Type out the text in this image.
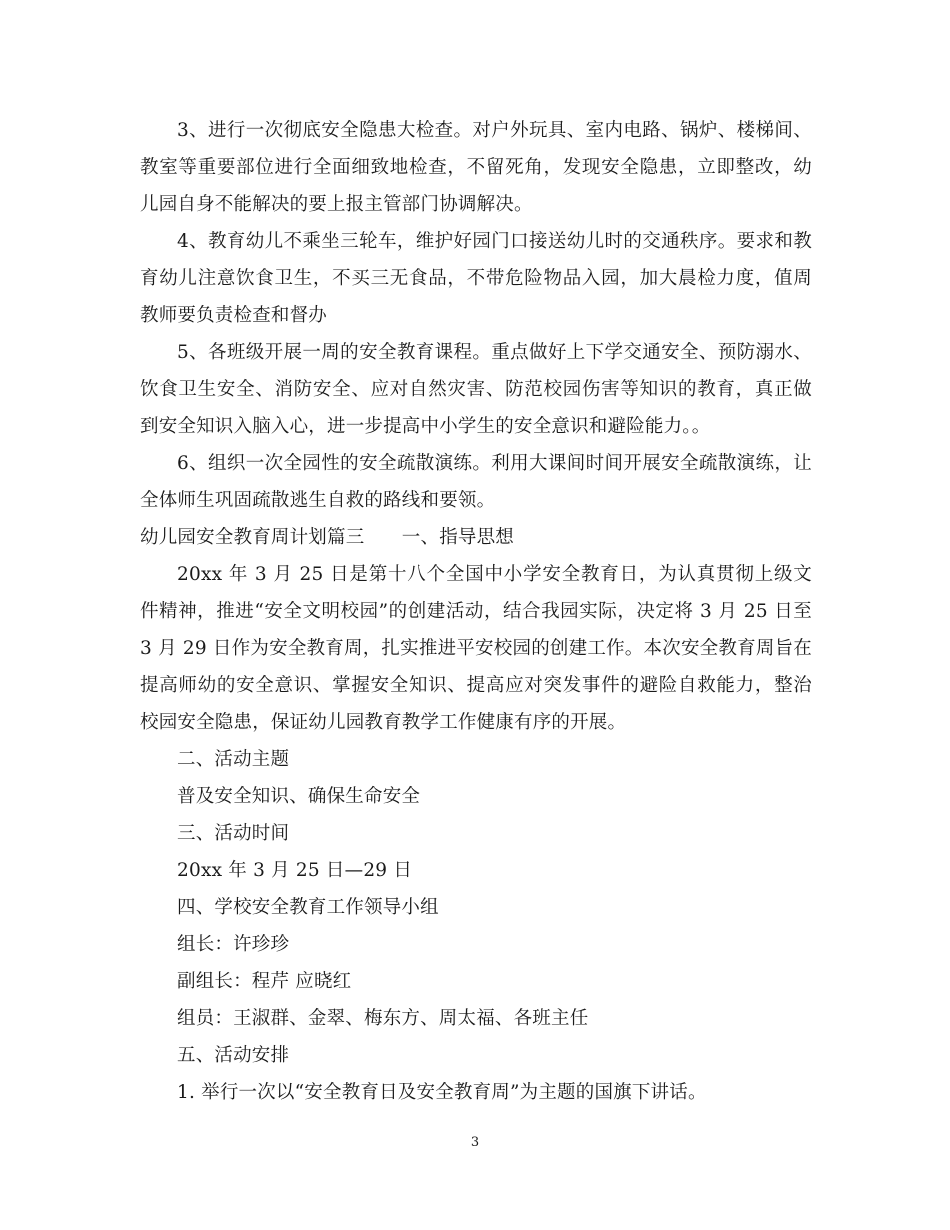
3、进行一次彻底安全隐患大检查。对户外玩具、室内电路、锅炉、楼梯间、教室等重要部位进行全面细致地检查，不留死角，发现安全隐患，立即整改，幼儿园自身不能解决的要上报主管部门协调解决。

4、教育幼儿不乘坐三轮车，维护好园门口接送幼儿时的交通秩序。要求和教育幼儿注意饮食卫生，不买三无食品，不带危险物品入园，加大晨检力度，值周教师要负责检查和督办

5、各班级开展一周的安全教育课程。重点做好上下学交通安全、预防溺水、饮食卫生安全、消防安全、应对自然灾害、防范校园伤害等知识的教育，真正做到安全知识入脑入心，进一步提高中小学生的安全意识和避险能力。。

6、组织一次全园性的安全疏散演练。利用大课间时间开展安全疏散演练，让全体师生巩固疏散逃生自救的路线和要领。

幼儿园安全教育周计划篇三　　一、指导思想

20xx 年 3 月 25 日是第十八个全国中小学安全教育日，为认真贯彻上级文件精神，推进“安全文明校园”的创建活动，结合我园实际，决定将 3 月 25 日至 3 月 29 日作为安全教育周，扎实推进平安校园的创建工作。本次安全教育周旨在提高师幼的安全意识、掌握安全知识、提高应对突发事件的避险自救能力，整治校园安全隐患，保证幼儿园教育教学工作健康有序的开展。

二、活动主题

普及安全知识、确保生命安全

三、活动时间

20xx 年 3 月 25 日—29 日

四、学校安全教育工作领导小组

组长：许珍珍

副组长：程芹 应晓红

组员：王淑群、金翠、梅东方、周太福、各班主任

五、活动安排

1. 举行一次以“安全教育日及安全教育周”为主题的国旗下讲话。

3
